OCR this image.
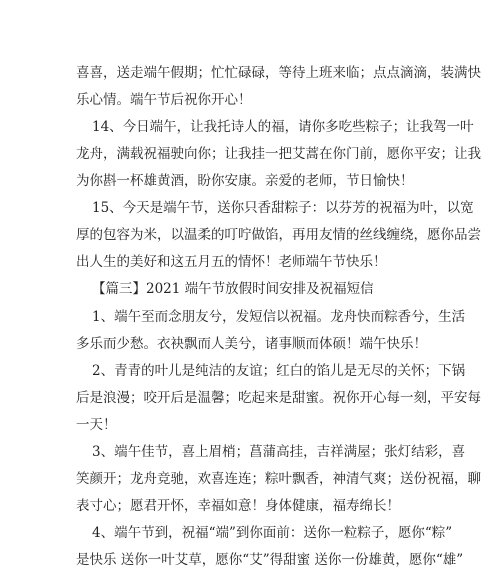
喜喜，送走端午假期；忙忙碌碌，等待上班来临；点点滴滴，装满快
乐心情。端午节后祝你开心！
14、今日端午，让我托诗人的福，请你多吃些粽子；让我驾一叶
龙舟，满载祝福驶向你；让我挂一把艾蒿在你门前，愿你平安；让我
为你斟一杯雄黄酒，盼你安康。亲爱的老师，节日愉快！
15、今天是端午节，送你只香甜粽子：以芬芳的祝福为叶，以宽
厚的包容为米，以温柔的叮咛做馅，再用友情的丝线缠绕，愿你品尝
出人生的美好和这五月五的情怀！老师端午节快乐！
【篇三】2021 端午节放假时间安排及祝福短信
1、端午至而念朋友兮，发短信以祝福。龙舟快而粽香兮，生活
多乐而少愁。衣袂飘而人美兮，诸事顺而体硕！端午快乐！
2、青青的叶儿是纯洁的友谊；红白的馅儿是无尽的关怀；下锅
后是浪漫；咬开后是温馨；吃起来是甜蜜。祝你开心每一刻，平安每
一天！
3、端午佳节，喜上眉梢；菖蒲高挂，吉祥满屋；张灯结彩，喜
笑颜开；龙舟竞驰，欢喜连连；粽叶飘香，神清气爽；送份祝福，聊
表寸心；愿君开怀，幸福如意！身体健康，福寿绵长！
4、端午节到，祝福“端”到你面前：送你一粒粽子，愿你“粽”
是快乐 送你一叶艾草，愿你“艾”得甜蜜 送你一份雄黄，愿你“雄”
